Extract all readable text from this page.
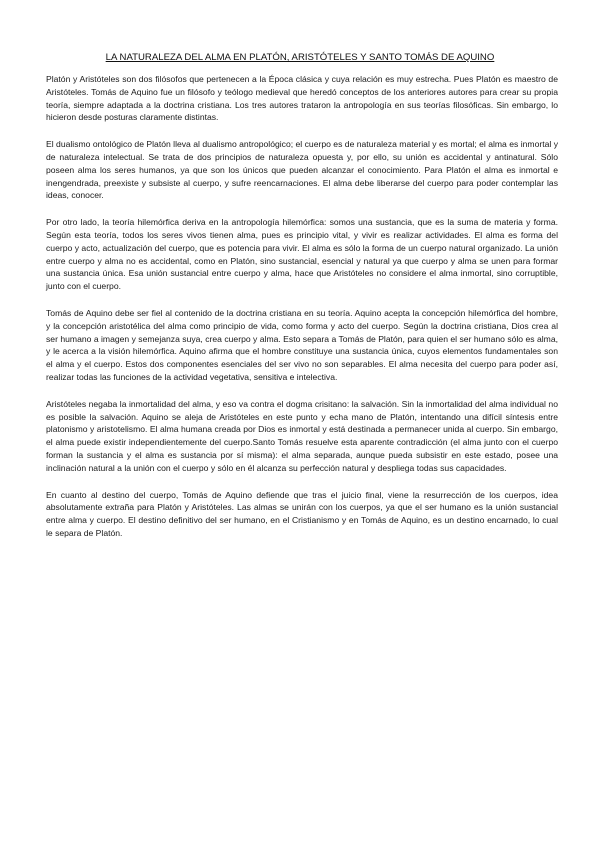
LA NATURALEZA DEL ALMA EN PLATÓN, ARISTÓTELES Y SANTO TOMÁS DE AQUINO

Platón y Aristóteles son dos filósofos que pertenecen a la Época clásica y cuya relación es muy estrecha. Pues Platón es maestro de Aristóteles. Tomás de Aquino fue un filósofo y teólogo medieval que heredó conceptos de los anteriores autores para crear su propia teoría, siempre adaptada a la doctrina cristiana. Los tres autores trataron la antropología en sus teorías filosóficas. Sin embargo, lo hicieron desde posturas claramente distintas.

El dualismo ontológico de Platón lleva al dualismo antropológico; el cuerpo es de naturaleza material y es mortal; el alma es inmortal y de naturaleza intelectual. Se trata de dos principios de naturaleza opuesta y, por ello, su unión es accidental y antinatural. Sólo poseen alma los seres humanos, ya que son los únicos que pueden alcanzar el conocimiento. Para Platón el alma es inmortal e inengendrada, preexiste y subsiste al cuerpo, y sufre reencarnaciones. El alma debe liberarse del cuerpo para poder contemplar las ideas, conocer.

Por otro lado, la teoría hilemórfica deriva en la antropología hilemórfica: somos una sustancia, que es la suma de materia y forma. Según esta teoría, todos los seres vivos tienen alma, pues es principio vital, y vivir es realizar actividades. El alma es forma del cuerpo y acto, actualización del cuerpo, que es potencia para vivir. El alma es sólo la forma de un cuerpo natural organizado. La unión entre cuerpo y alma no es accidental, como en Platón, sino sustancial, esencial y natural ya que cuerpo y alma se unen para formar una sustancia única. Esa unión sustancial entre cuerpo y alma, hace que Aristóteles no considere el alma inmortal, sino corruptible, junto con el cuerpo.

Tomás de Aquino debe ser fiel al contenido de la doctrina cristiana en su teoría. Aquino acepta la concepción hilemórfica del hombre, y la concepción aristotélica del alma como principio de vida, como forma y acto del cuerpo. Según la doctrina cristiana, Dios crea al ser humano a imagen y semejanza suya, crea cuerpo y alma. Esto separa a Tomás de Platón, para quien el ser humano sólo es alma, y le acerca a la visión hilemórfica. Aquino afirma que el hombre constituye una sustancia única, cuyos elementos fundamentales son el alma y el cuerpo. Estos dos componentes esenciales del ser vivo no son separables. El alma necesita del cuerpo para poder así, realizar todas las funciones de la actividad vegetativa, sensitiva e intelectiva.

Aristóteles negaba la inmortalidad del alma, y eso va contra el dogma crisitano: la salvación. Sin la inmortalidad del alma individual no es posible la salvación. Aquino se aleja de Aristóteles en este punto y echa mano de Platón, intentando una difícil síntesis entre platonismo y aristotelismo. El alma humana creada por Dios es inmortal y está destinada a permanecer unida al cuerpo. Sin embargo, el alma puede existir independientemente del cuerpo.Santo Tomás resuelve esta aparente contradicción (el alma junto con el cuerpo forman la sustancia y el alma es sustancia por sí misma): el alma separada, aunque pueda subsistir en este estado, posee una inclinación natural a la unión con el cuerpo y sólo en él alcanza su perfección natural y despliega todas sus capacidades.

En cuanto al destino del cuerpo, Tomás de Aquino defiende que tras el juicio final, viene la resurrección de los cuerpos, idea absolutamente extraña para Platón y Aristóteles. Las almas se unirán con los cuerpos, ya que el ser humano es la unión sustancial entre alma y cuerpo. El destino definitivo del ser humano, en el Cristianismo y en Tomás de Aquino, es un destino encarnado, lo cual le separa de Platón.
